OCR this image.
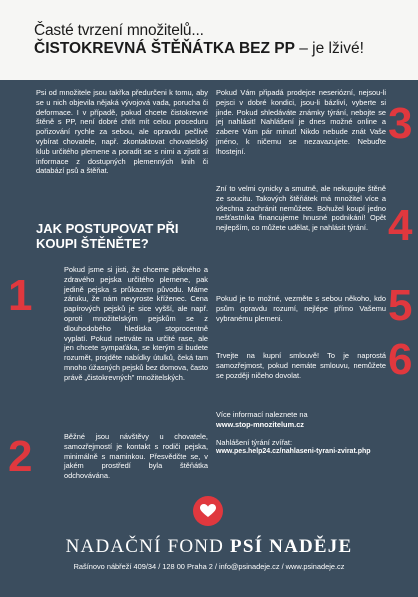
Časté tvrzení množitelů...
ČISTOKREVNÁ ŠTĚŇÁTKA BEZ PP – je lživé!

Psi od množitele jsou takřka předurčeni k tomu, aby se u nich objevila nějaká vývojová vada, porucha či deformace. I v případě, pokud chcete čistokrevné štěně s PP, není dobré chtít mít celou proceduru pořizování rychle za sebou, ale opravdu pečlivě vybírat chovatele, např. zkontaktovat chovatelský klub určitého plemene a poradit se s nimi a zjistit si informace z dostupných plemenných knih či databází psů a štěňat.

JAK POSTUPOVAT PŘI KOUPI ŠTĚNĚTE?

1

Pokud jsme si jisti, že chceme pěkného a zdravého pejska určitého plemene, pak jedině pejska s průkazem původu. Máme záruku, že nám nevyroste kříženec. Cena papírových pejsků je sice vyšší, ale např. oproti množitelským pejskům se z dlouhodobého hlediska stoprocentně vyplatí. Pokud netrváte na určité rase, ale jen chcete sympaťáka, se kterým si budete rozumět, projděte nabídky útulků, čeká tam mnoho úžasných pejsků bez domova, často právě „čistokrevných" množitelských.

2	Běžné jsou návštěvy u chovatele, samozřejmostí je kontakt s rodiči pejska, minimálně s maminkou. Přesvědčte se, v jakém prostředí byla štěňátka odchovávána.

Pokud Vám připadá prodejce neseriózní, nejsou-li pejsci v dobré kondici, jsou-li bázliví, vyberte si jinde. Pokud shledáváte známky týrání, nebojte se jej nahlásit! Nahlášení je dnes možné online a zabere Vám pár minut! Nikdo nebude znát Vaše jméno, k ničemu se nezavazujete. Nebuďte lhostejní.

3

Zní to velmi cynicky a smutně, ale nekupujte štěně ze soucitu. Takových štěňátek má množitel více a všechna zachránit nemůžete. Bohužel koupí jedno nešťastníka financujeme hnusné podnikání! Opět nejlepším, co můžete udělat, je nahlásit týrání. 4

Pokud je to možné, vezměte s sebou někoho, kdo psům opravdu rozumí, nejlépe přímo Vašemu vybranému plemeni.	5

Trvejte na kupní smlouvě! To je naprostá samozřejmost, pokud nemáte smlouvu, nemůžete se později ničeho dovolat.	6

Více informací naleznete na

www.stop-mnozitelum.cz

Nahlášení týrání zvířat:

www.pes.help24.cz/nahlaseni-tyrani-zvirat.php

NADAČNÍ FOND PSÍ NADĚJE
Rašínovo nábřeží 409/34 / 128 00 Praha 2 / info@psinadeje.cz / www.psinadeje.cz
